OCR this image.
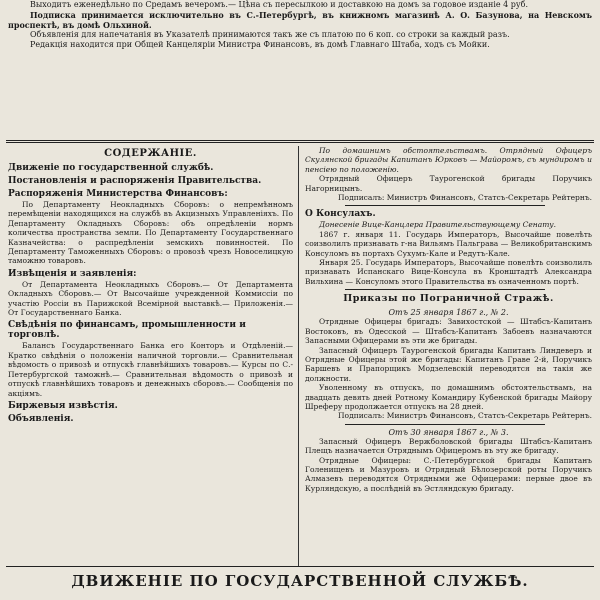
Выходитъ еженедѣльно по Средамъ вечеромъ.— Цѣна съ пересылкою и доставкою на домъ за годовое изданіе 4 руб.

Подписка принимается исключительно въ С.-Петербургѣ, въ книжномъ магазинѣ А. О. Базунова, на Невскомъ проспектѣ, въ домѣ Ольхиной.

Объявленія для напечатанія въ Указателѣ принимаются такъ же съ платою по 6 коп. со строки за каждый разъ.

Редакція находится при Общей Канцеляріи Министра Финансовъ, въ домѣ Главнаго Штаба, ходъ съ Мойки.

СОДЕРЖАНІЕ.
Движеніе по государственной службѣ.
Постановленія и распоряженія Правительства.
Распоряженія Министерства Финансовъ:

По Департаменту Неокладныхъ Сборовъ: о непремѣнномъ перемѣщеніи находящихся на службѣ въ Акцизныхъ Управленіяхъ. По Департаменту Окладныхъ Сборовъ: объ опредѣленіи нормъ количества пространства земли. По Департаменту Государственнаго Казначейства: о распредѣленіи земскихъ повинностей. По Департаменту Таможенныхъ Сборовъ: о провозѣ чрезъ Новоселицкую таможню товаровъ.

Извѣщенія и заявленія:

От Департамента Неокладныхъ Сборовъ.— От Департамента Окладныхъ Сборовъ.— От Высочайше учрежденной Коммиссіи по участію Россіи въ Парижской Всемірной выставкѣ.— Приложенія.— От Государственнаго Банка.

Свѣдѣнія по финансамъ, промышленности и торговлѣ.

Балансъ Государственнаго Банка его Конторъ и Отдѣленій.— Кратко свѣдѣнія о положеніи наличной торговли.— Сравнительная вѣдомость о привозѣ и отпускѣ главнѣйшихъ товаровъ.— Курсы по С.-Петербургской таможнѣ.— Сравнительная вѣдомость о привозѣ и отпускѣ главнѣйшихъ товаровъ и денежныхъ сборовъ.— Сообщенія по акціямъ.

Биржевыя извѣстія.
Объявленія.

По домашнимъ обстоятельствамъ. Отрядный Офицеръ Скулянской бригады Капитанъ Юрковъ — Майоромъ, съ мундиромъ и пенсіею по положенію.

Отрядный Офицеръ Таурогенской бригады Поручикъ Нагорницынъ.

Подписалъ: Министръ Финансовъ, Статсъ-Секретарь Рейтернъ.

О Консулахъ.

Донесеніе Вице-Канцлера Правительствующему Сенату.

1867 г. января 11. Государь Императоръ, Высочайше повелѣть соизволилъ признавать г-на Вильямъ Пальграва — Великобританскимъ Консуломъ въ портахъ Сухумъ-Кале и Редутъ-Кале.

Января 25. Государь Императоръ, Высочайше повелѣть соизволилъ признавать Испанскаго Вице-Консула въ Кронштадтѣ Александра Вильхина — Консуломъ этого Правительства въ означенномъ портѣ.

Приказы по Пограничной Стражѣ.
Отъ 25 января 1867 г., № 2.

Отрядные Офицеры бригадъ: Завихостской — Штабсъ-Капитанъ Востоковъ, въ Одесской — Штабсъ-Капитанъ Забоевъ назначаются Запасными Офицерами въ эти же бригады.

Запасный Офицеръ Таурогенской бригады Капитанъ Линдеверъ и Отрядные Офицеры этой же бригады: Капитанъ Граве 2-й, Поручикъ Баршевъ и Прапорщикъ Модзелевскій переводятся на такія же должности.

Уволенному въ отпускъ, по домашнимъ обстоятельствамъ, на двадцать девять дней Ротному Командиру Кубенской бригады Майору Шреферу продолжается отпускъ на 28 дней.

Подписалъ: Министръ Финансовъ, Статсъ-Секретарь Рейтернъ.

Отъ 30 января 1867 г., № 3.

Запасный Офицеръ Вержболовской бригады Штабсъ-Капитанъ Плещъ назначается Отряднымъ Офицеромъ въ эту же бригаду.

Отрядные Офицеры: С.-Петербургской бригады Капитанъ Голенищевъ и Мазуровъ и Отрядный Бѣлозерской роты Поручикъ Алмазевъ переводятся Отрядными же Офицерами: первые двое въ Курляндскую, а послѣдній въ Эстляндскую бригаду.

ДВИЖЕНІЕ ПО ГОСУДАРСТВЕННОЙ СЛУЖБѢ.
